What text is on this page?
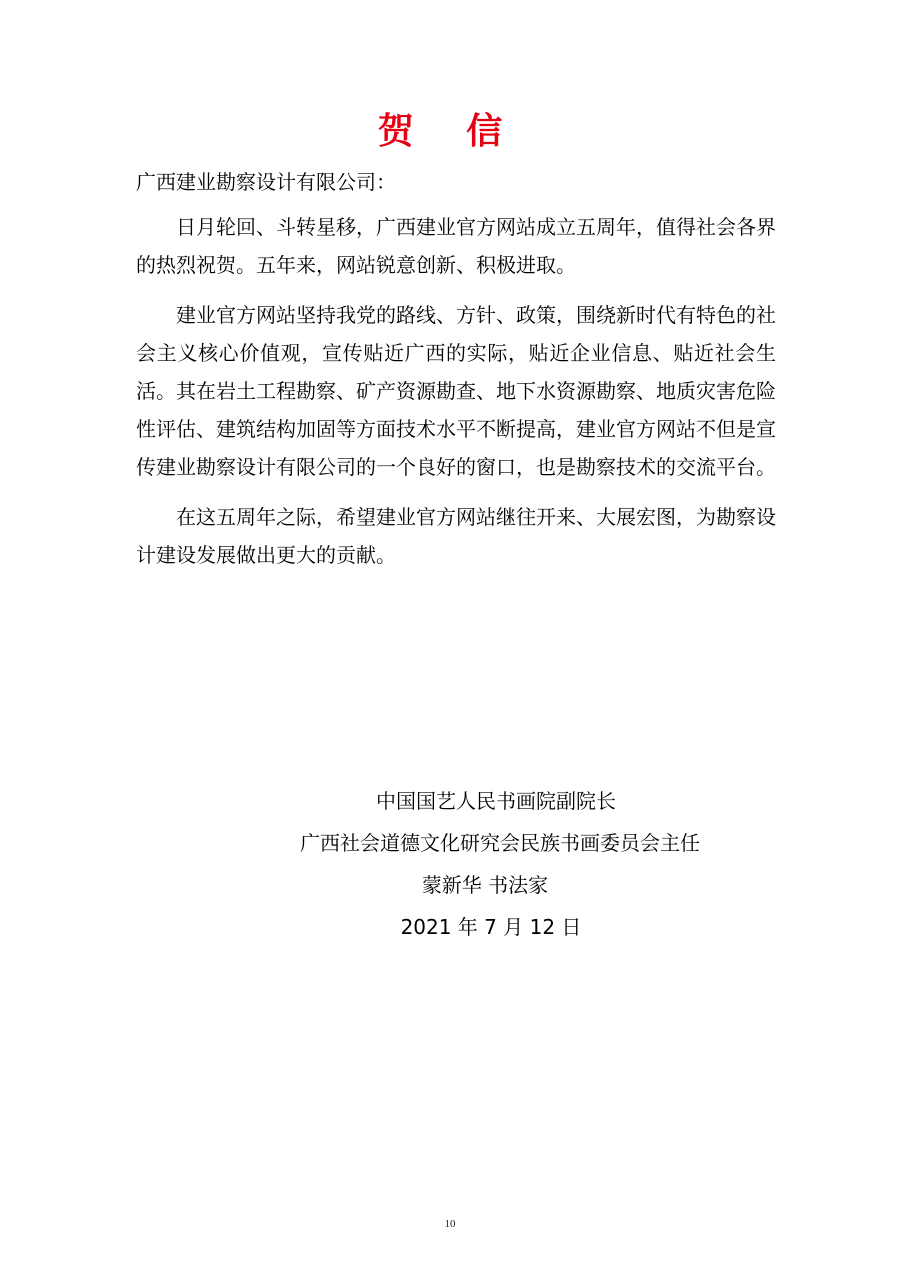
贺 信
广西建业勘察设计有限公司：

日月轮回、斗转星移，广西建业官方网站成立五周年，值得社会各界的热烈祝贺。五年来，网站锐意创新、积极进取。

建业官方网站坚持我党的路线、方针、政策，围绕新时代有特色的社会主义核心价值观，宣传贴近广西的实际，贴近企业信息、贴近社会生活。其在岩土工程勘察、矿产资源勘查、地下水资源勘察、地质灾害危险性评估、建筑结构加固等方面技术水平不断提高，建业官方网站不但是宣传建业勘察设计有限公司的一个良好的窗口，也是勘察技术的交流平台。

在这五周年之际，希望建业官方网站继往开来、大展宏图，为勘察设计建设发展做出更大的贡献。

中国国艺人民书画院副院长
广西社会道德文化研究会民族书画委员会主任
蒙新华 书法家
2021 年 7 月 12 日
10
